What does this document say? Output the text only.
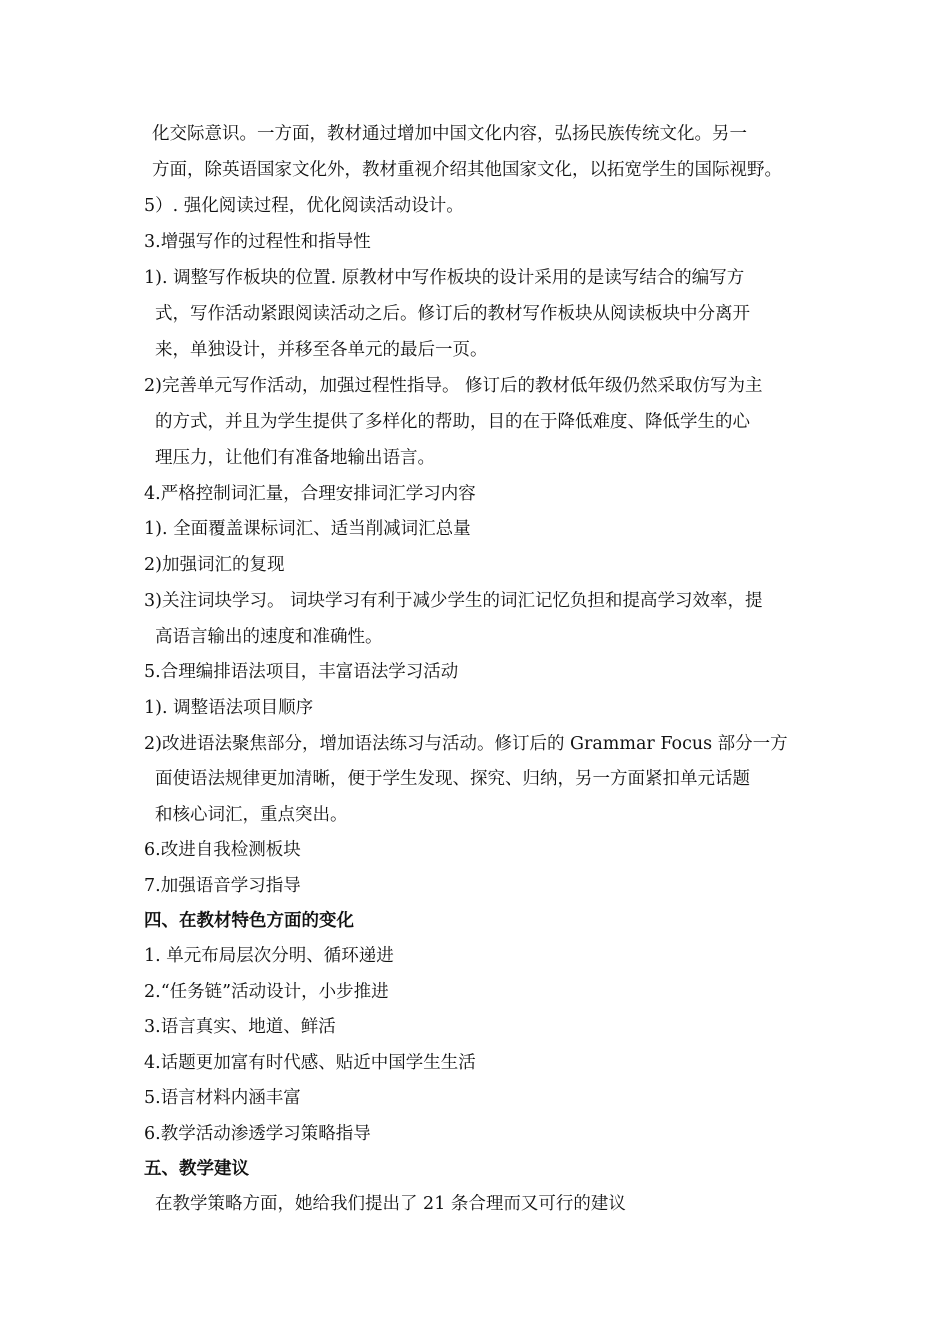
化交际意识。一方面，教材通过增加中国文化内容，弘扬民族传统文化。另一
方面，除英语国家文化外，教材重视介绍其他国家文化，以拓宽学生的国际视野。
5）. 强化阅读过程，优化阅读活动设计。
3.增强写作的过程性和指导性
1). 调整写作板块的位置. 原教材中写作板块的设计采用的是读写结合的编写方
式，写作活动紧跟阅读活动之后。修订后的教材写作板块从阅读板块中分离开
来，单独设计，并移至各单元的最后一页。
2)完善单元写作活动，加强过程性指导。 修订后的教材低年级仍然采取仿写为主
的方式，并且为学生提供了多样化的帮助，目的在于降低难度、降低学生的心
理压力，让他们有准备地输出语言。
4.严格控制词汇量，合理安排词汇学习内容
1). 全面覆盖课标词汇、适当削减词汇总量
2)加强词汇的复现
3)关注词块学习。 词块学习有利于减少学生的词汇记忆负担和提高学习效率，提
高语言输出的速度和准确性。
5.合理编排语法项目，丰富语法学习活动
1). 调整语法项目顺序
2)改进语法聚焦部分，增加语法练习与活动。修订后的 Grammar Focus 部分一方
面使语法规律更加清晰，便于学生发现、探究、归纳，另一方面紧扣单元话题
和核心词汇，重点突出。
6.改进自我检测板块
7.加强语音学习指导
四、在教材特色方面的变化
1. 单元布局层次分明、循环递进
2.“任务链”活动设计，小步推进
3.语言真实、地道、鲜活
4.话题更加富有时代感、贴近中国学生生活
5.语言材料内涵丰富
6.教学活动渗透学习策略指导
五、教学建议
在教学策略方面，她给我们提出了 21 条合理而又可行的建议
